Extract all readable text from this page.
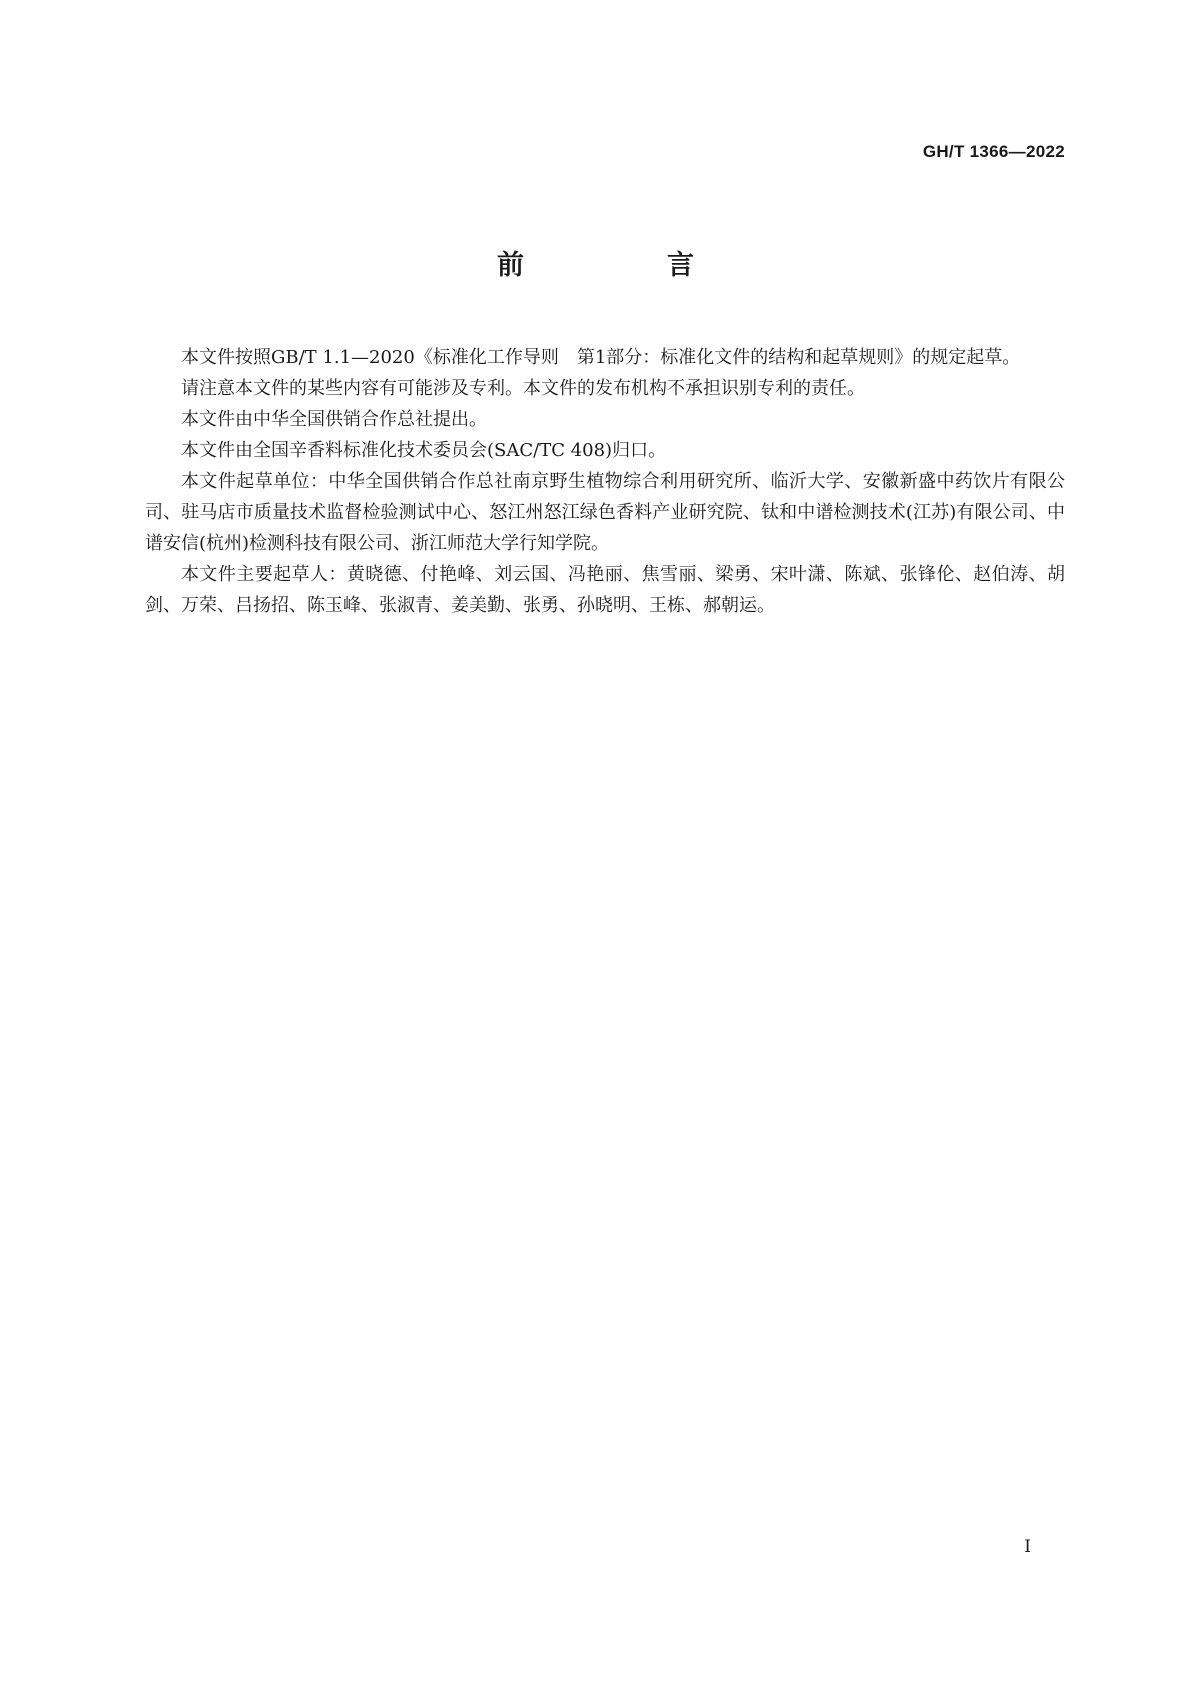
GH/T 1366—2022
前　言

本文件按照GB/T 1.1—2020《标准化工作导则　第1部分：标准化文件的结构和起草规则》的规定起草。

请注意本文件的某些内容有可能涉及专利。本文件的发布机构不承担识别专利的责任。

本文件由中华全国供销合作总社提出。

本文件由全国辛香料标准化技术委员会(SAC/TC 408)归口。

本文件起草单位：中华全国供销合作总社南京野生植物综合利用研究所、临沂大学、安徽新盛中药饮片有限公司、驻马店市质量技术监督检验测试中心、怒江州怒江绿色香料产业研究院、钛和中谱检测技术(江苏)有限公司、中谱安信(杭州)检测科技有限公司、浙江师范大学行知学院。

本文件主要起草人：黄晓德、付艳峰、刘云国、冯艳丽、焦雪丽、梁勇、宋叶潇、陈斌、张锋伦、赵伯涛、胡剑、万荣、吕扬招、陈玉峰、张淑青、姜美勤、张勇、孙晓明、王栋、郝朝运。

I
